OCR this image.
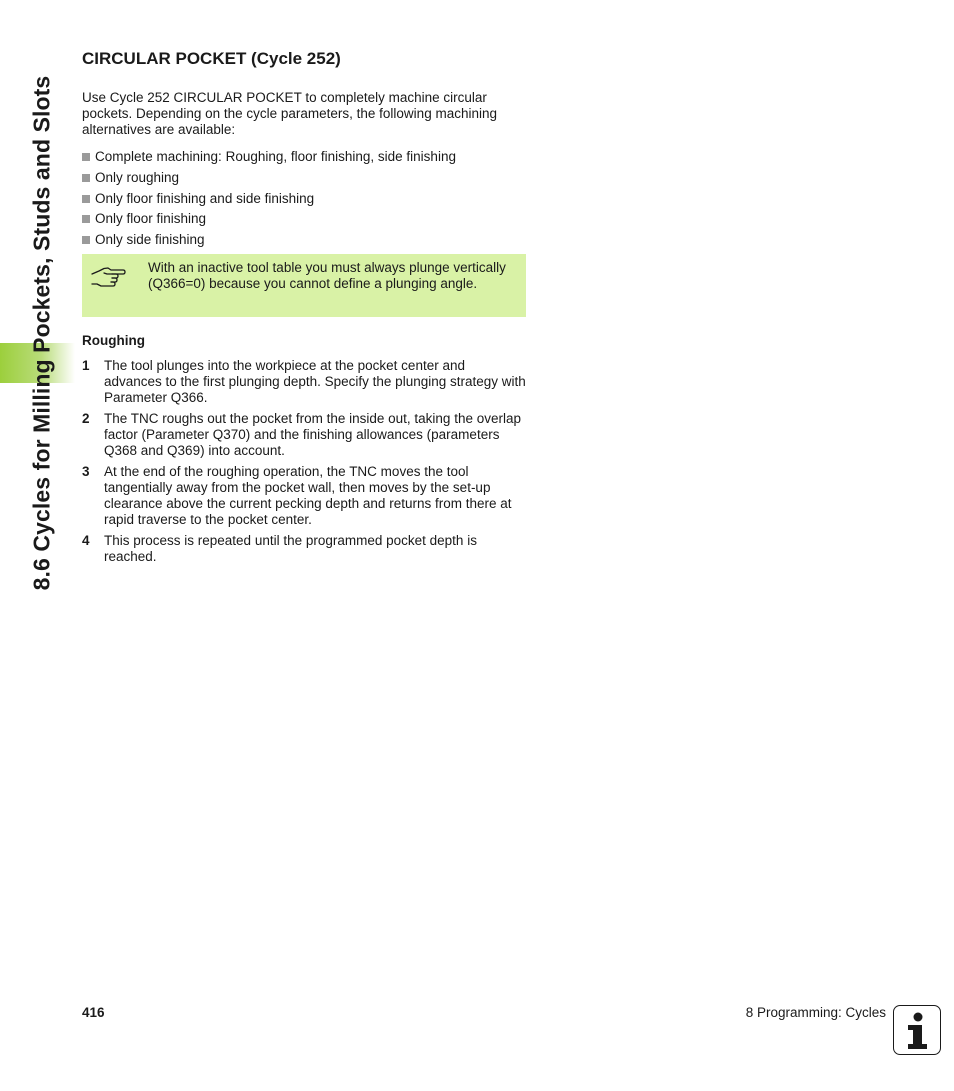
8.6 Cycles for Milling Pockets, Studs and Slots
CIRCULAR POCKET (Cycle 252)

Use Cycle 252 CIRCULAR POCKET to completely machine circular pockets. Depending on the cycle parameters, the following machining alternatives are available:

Complete machining: Roughing, floor finishing, side finishing
Only roughing
Only floor finishing and side finishing
Only floor finishing
Only side finishing
With an inactive tool table you must always plunge vertically (Q366=0) because you cannot define a plunging angle.
Roughing
1	The tool plunges into the workpiece at the pocket center and advances to the first plunging depth. Specify the plunging strategy with Parameter Q366.
2	The TNC roughs out the pocket from the inside out, taking the overlap factor (Parameter Q370) and the finishing allowances (parameters Q368 and Q369) into account.
3	At the end of the roughing operation, the TNC moves the tool tangentially away from the pocket wall, then moves by the set-up clearance above the current pecking depth and returns from there at rapid traverse to the pocket center.
4	This process is repeated until the programmed pocket depth is reached.
416	8 Programming: Cycles
